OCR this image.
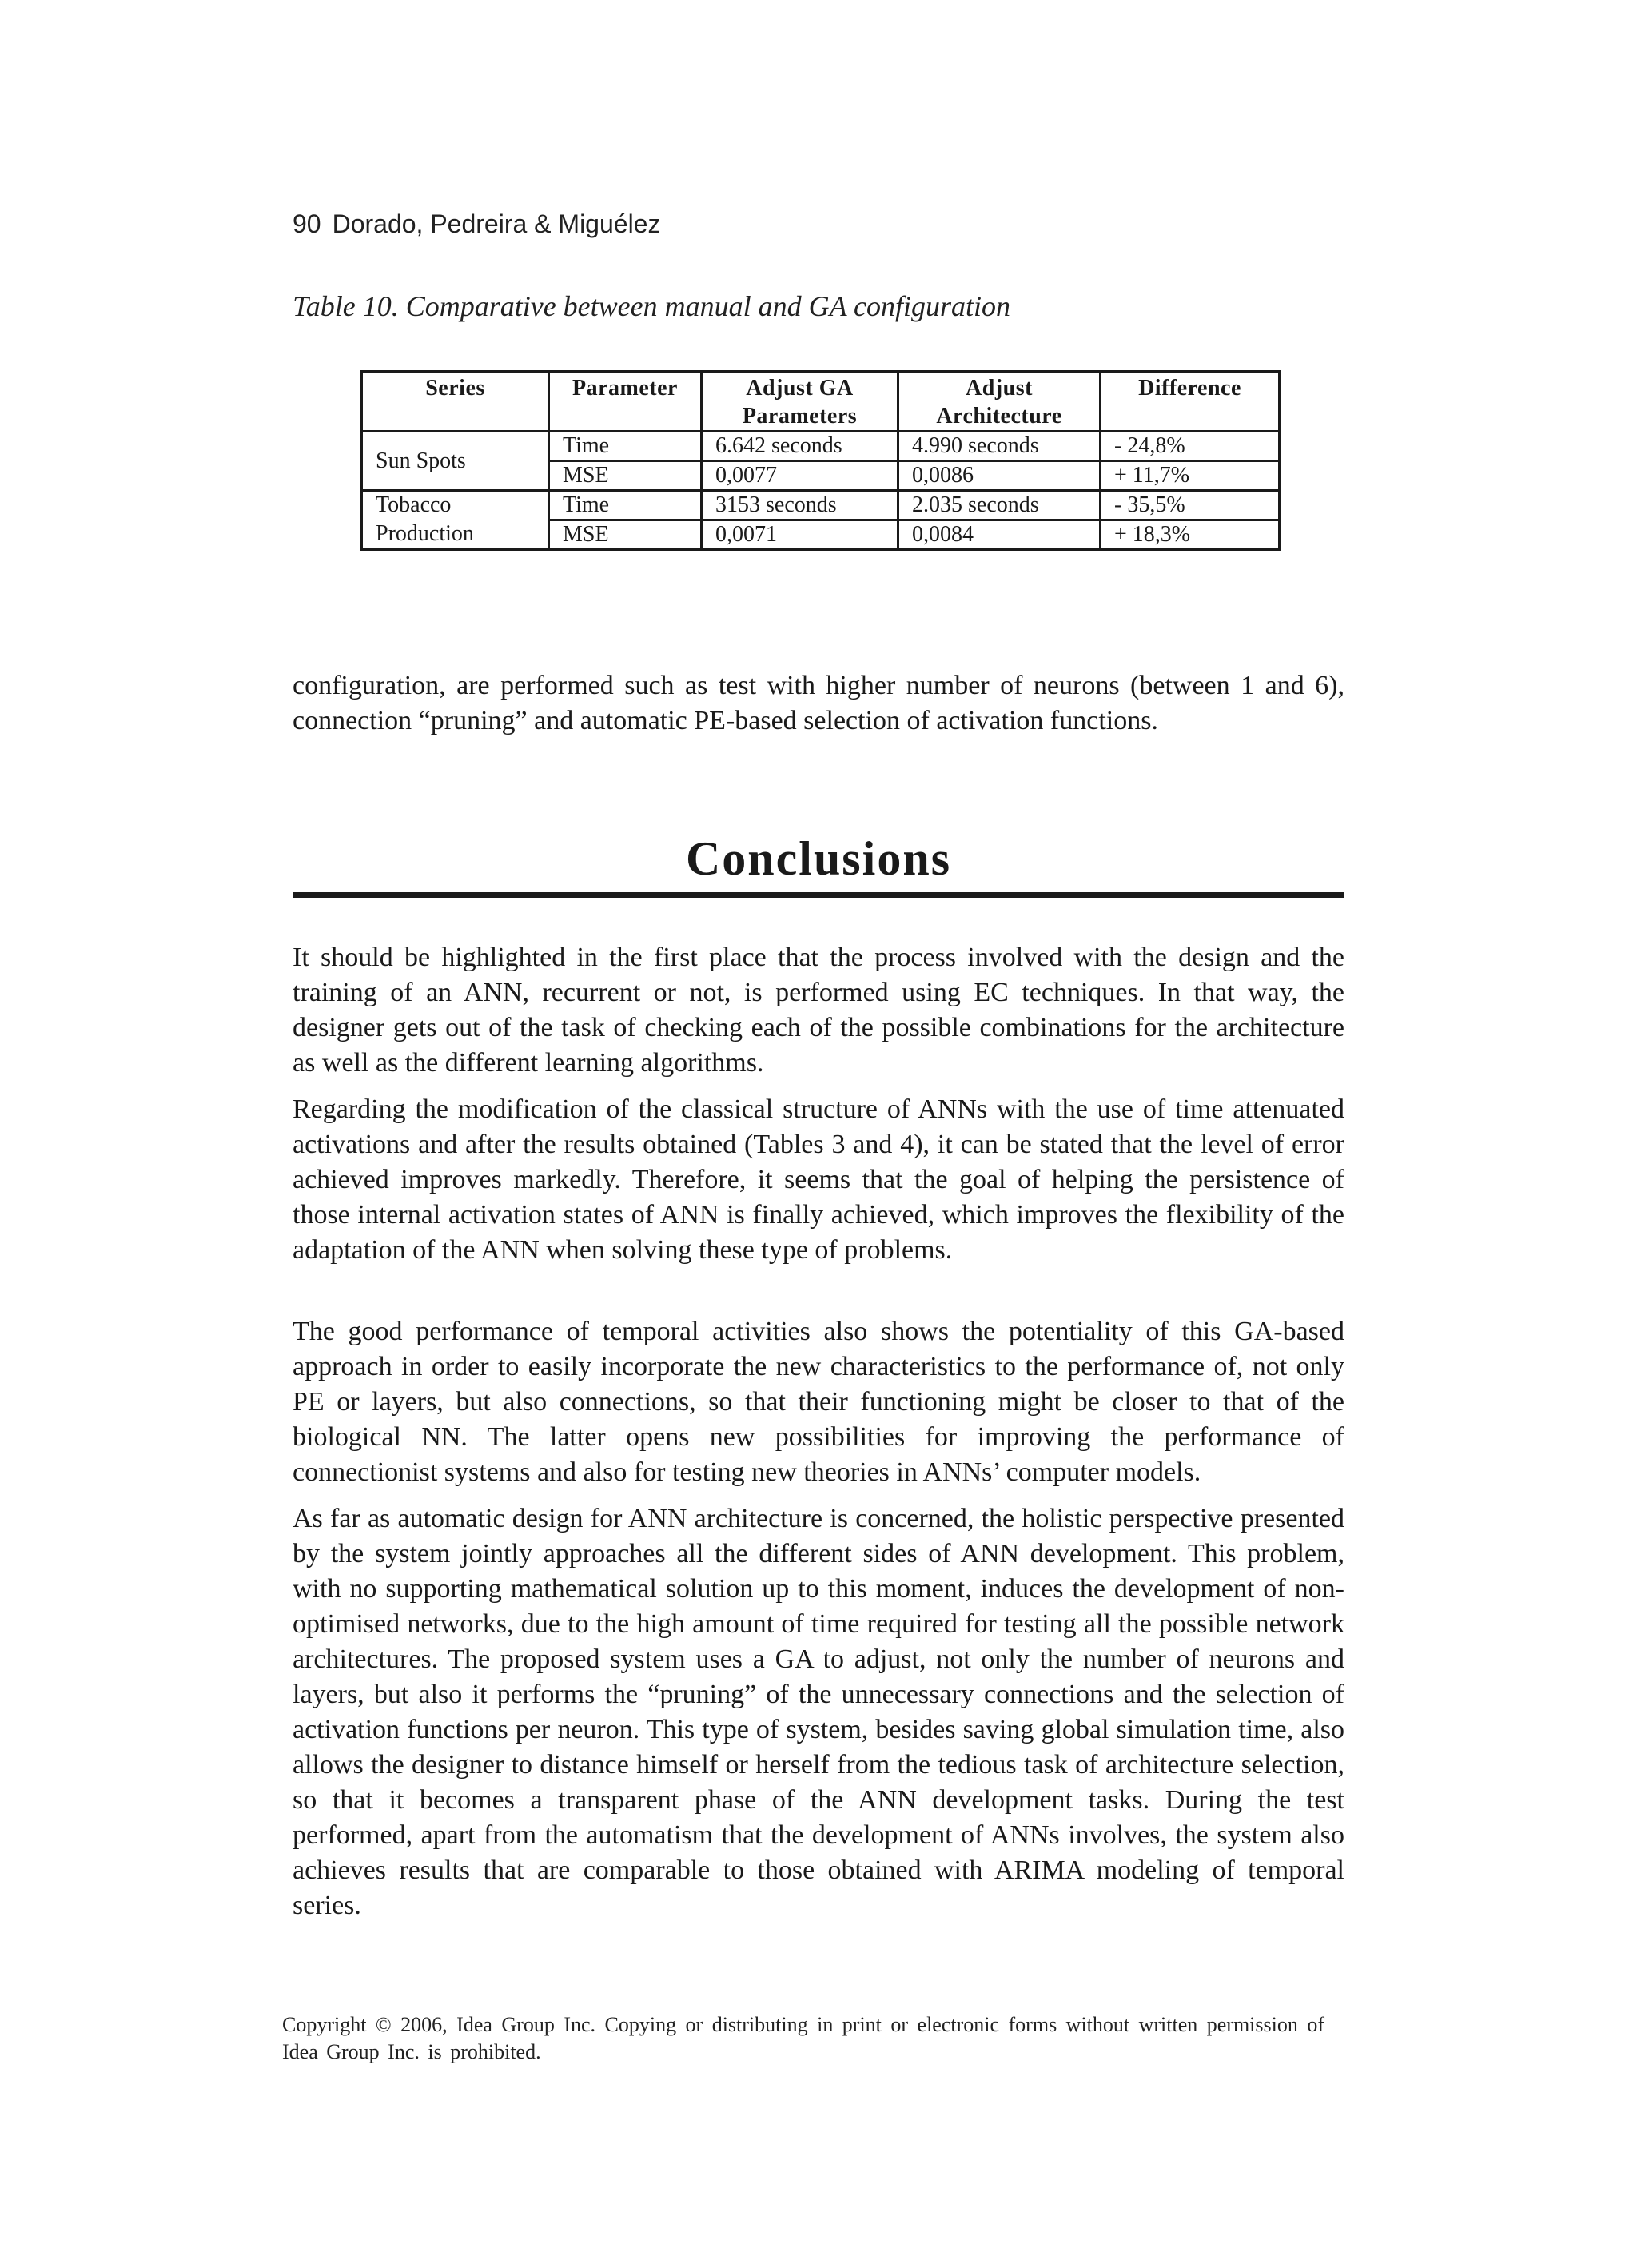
90 Dorado, Pedreira & Miguélez
Table 10. Comparative between manual and GA configuration
Series	Parameter	Adjust GA Parameters	Adjust Architecture	Difference
Sun Spots	Time	6.642 seconds	4.990 seconds	- 24,8%
	MSE	0,0077	0,0086	+ 11,7%
Tobacco	Time	3153 seconds	2.035 seconds	- 35,5%
Production	MSE	0,0071	0,0084	+ 18,3%

configuration, are performed such as test with higher number of neurons (between 1 and 6), connection “pruning” and automatic PE-based selection of activation functions.

Conclusions

It should be highlighted in the first place that the process involved with the design and the training of an ANN, recurrent or not, is performed using EC techniques. In that way, the designer gets out of the task of checking each of the possible combinations for the architecture as well as the different learning algorithms.

Regarding the modification of the classical structure of ANNs with the use of time attenuated activations and after the results obtained (Tables 3 and 4), it can be stated that the level of error achieved improves markedly. Therefore, it seems that the goal of helping the persistence of those internal activation states of ANN is finally achieved, which improves the flexibility of the adaptation of the ANN when solving these type of problems.

The good performance of temporal activities also shows the potentiality of this GA-based approach in order to easily incorporate the new characteristics to the performance of, not only PE or layers, but also connections, so that their functioning might be closer to that of the biological NN. The latter opens new possibilities for improving the performance of connectionist systems and also for testing new theories in ANNs’ computer models.

As far as automatic design for ANN architecture is concerned, the holistic perspective presented by the system jointly approaches all the different sides of ANN development. This problem, with no supporting mathematical solution up to this moment, induces the development of non-optimised networks, due to the high amount of time required for testing all the possible network architectures. The proposed system uses a GA to adjust, not only the number of neurons and layers, but also it performs the “pruning” of the unnecessary connections and the selection of activation functions per neuron. This type of system, besides saving global simulation time, also allows the designer to distance himself or herself from the tedious task of architecture selection, so that it becomes a transparent phase of the ANN development tasks. During the test performed, apart from the automatism that the development of ANNs involves, the system also achieves results that are comparable to those obtained with ARIMA modeling of temporal series.

Copyright © 2006, Idea Group Inc. Copying or distributing in print or electronic forms without written permission of Idea Group Inc. is prohibited.
